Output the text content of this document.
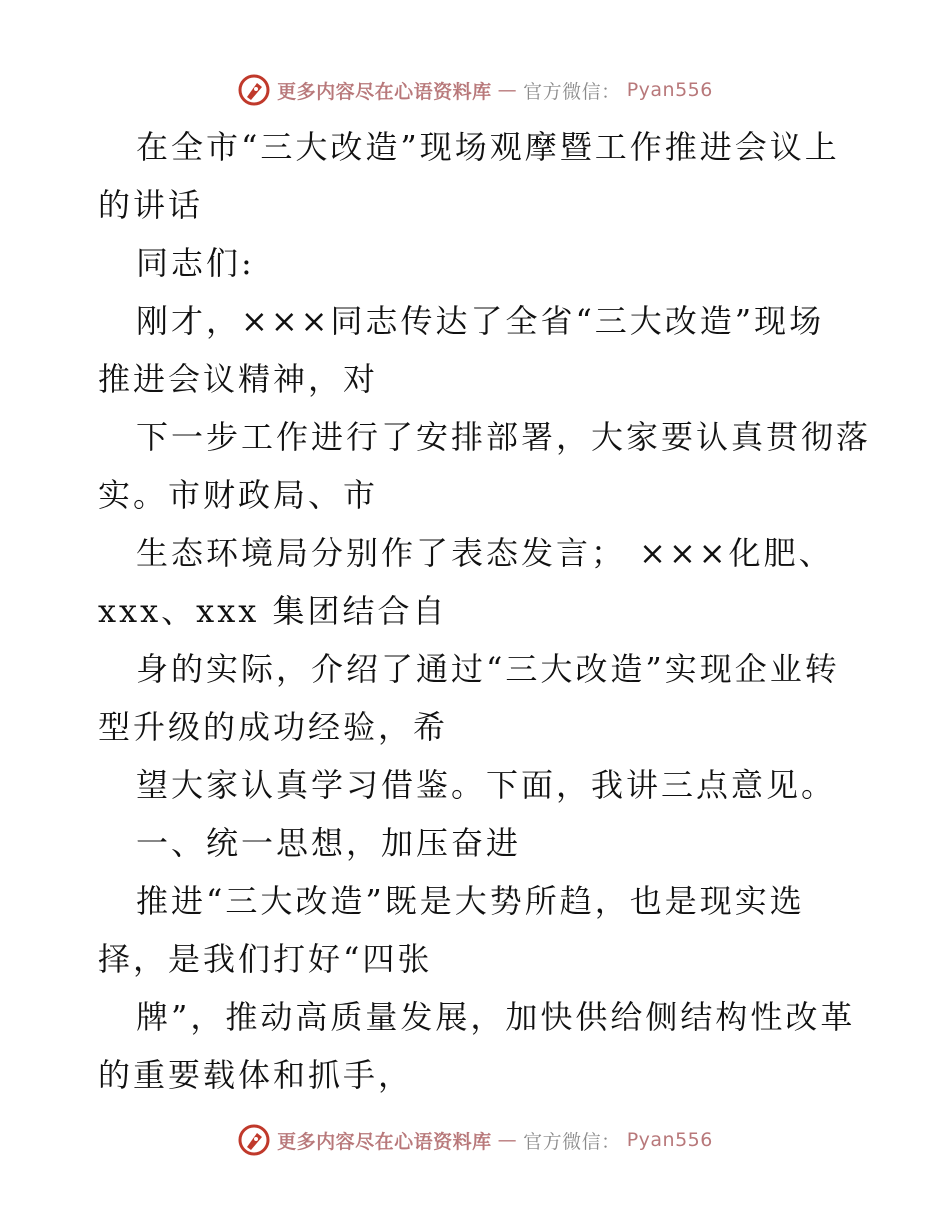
更多内容尽在心语资料库 — 官方微信： Pyan556

在全市“三大改造”现场观摩暨工作推进会议上

的讲话

同志们:

刚才，×××同志传达了全省“三大改造”现场

推进会议精神，对

下一步工作进行了安排部署，大家要认真贯彻落

实。市财政局、市

生态环境局分别作了表态发言； ×××化肥、

xxx、xxx 集团结合自

身的实际，介绍了通过“三大改造”实现企业转

型升级的成功经验，希

望大家认真学习借鉴。下面，我讲三点意见。

一、统一思想，加压奋进

推进“三大改造”既是大势所趋，也是现实选

择，是我们打好“四张

牌”，推动高质量发展，加快供给侧结构性改革

的重要载体和抓手，

更多内容尽在心语资料库 — 官方微信： Pyan556
